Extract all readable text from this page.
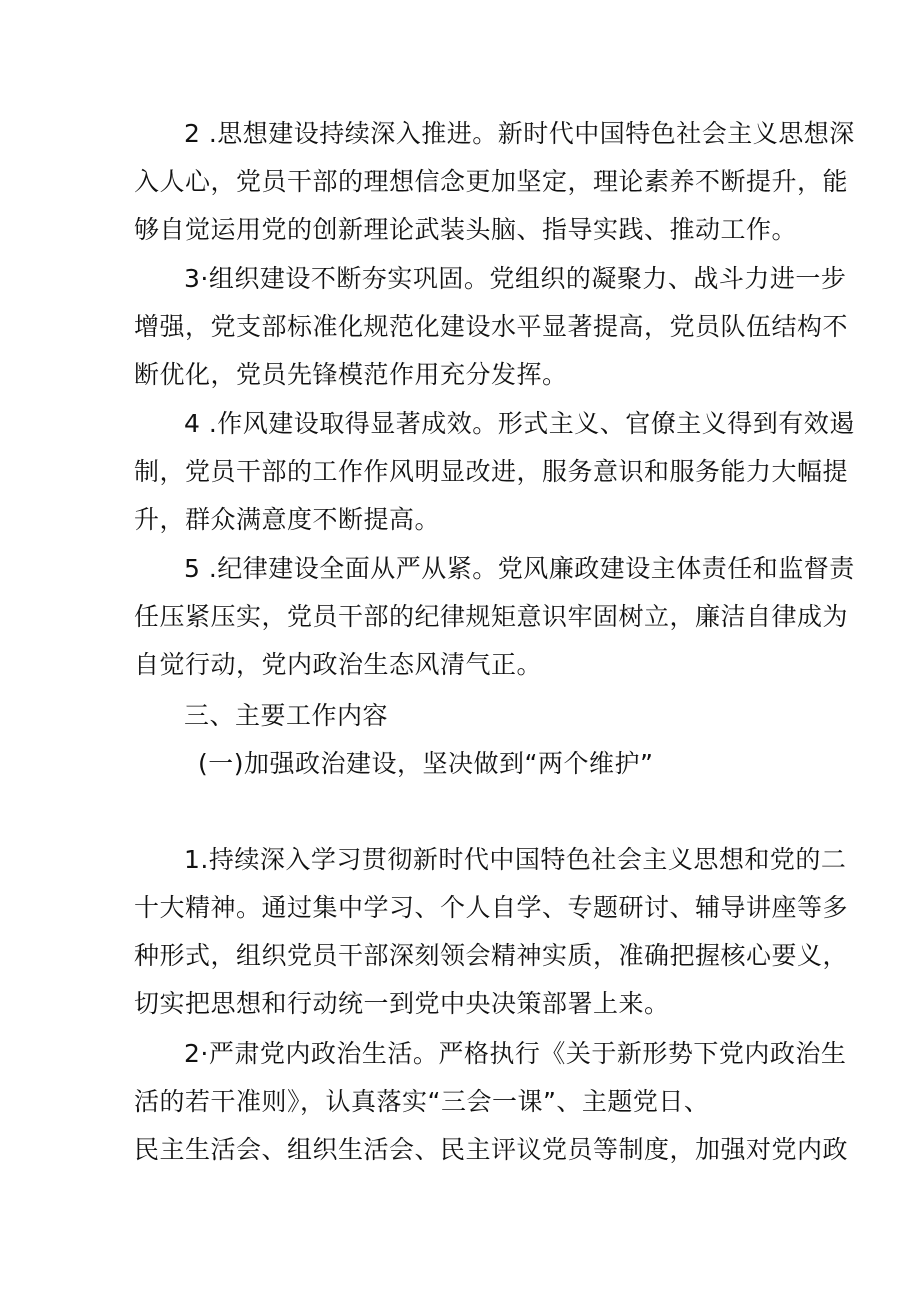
2 .思想建设持续深入推进。新时代中国特色社会主义思想深
入人心，党员干部的理想信念更加坚定，理论素养不断提升，能
够自觉运用党的创新理论武装头脑、指导实践、推动工作。
3·组织建设不断夯实巩固。党组织的凝聚力、战斗力进一步
增强，党支部标准化规范化建设水平显著提高，党员队伍结构不
断优化，党员先锋模范作用充分发挥。
4 .作风建设取得显著成效。形式主义、官僚主义得到有效遏
制，党员干部的工作作风明显改进，服务意识和服务能力大幅提
升，群众满意度不断提高。
5 .纪律建设全面从严从紧。党风廉政建设主体责任和监督责
任压紧压实，党员干部的纪律规矩意识牢固树立，廉洁自律成为
自觉行动，党内政治生态风清气正。
三、主要工作内容
(一)加强政治建设，坚决做到“两个维护”
1.持续深入学习贯彻新时代中国特色社会主义思想和党的二
十大精神。通过集中学习、个人自学、专题研讨、辅导讲座等多
种形式，组织党员干部深刻领会精神实质，准确把握核心要义，
切实把思想和行动统一到党中央决策部署上来。
2·严肃党内政治生活。严格执行《关于新形势下党内政治生
活的若干准则》，认真落实“三会一课”、主题党日、
民主生活会、组织生活会、民主评议党员等制度，加强对党内政
